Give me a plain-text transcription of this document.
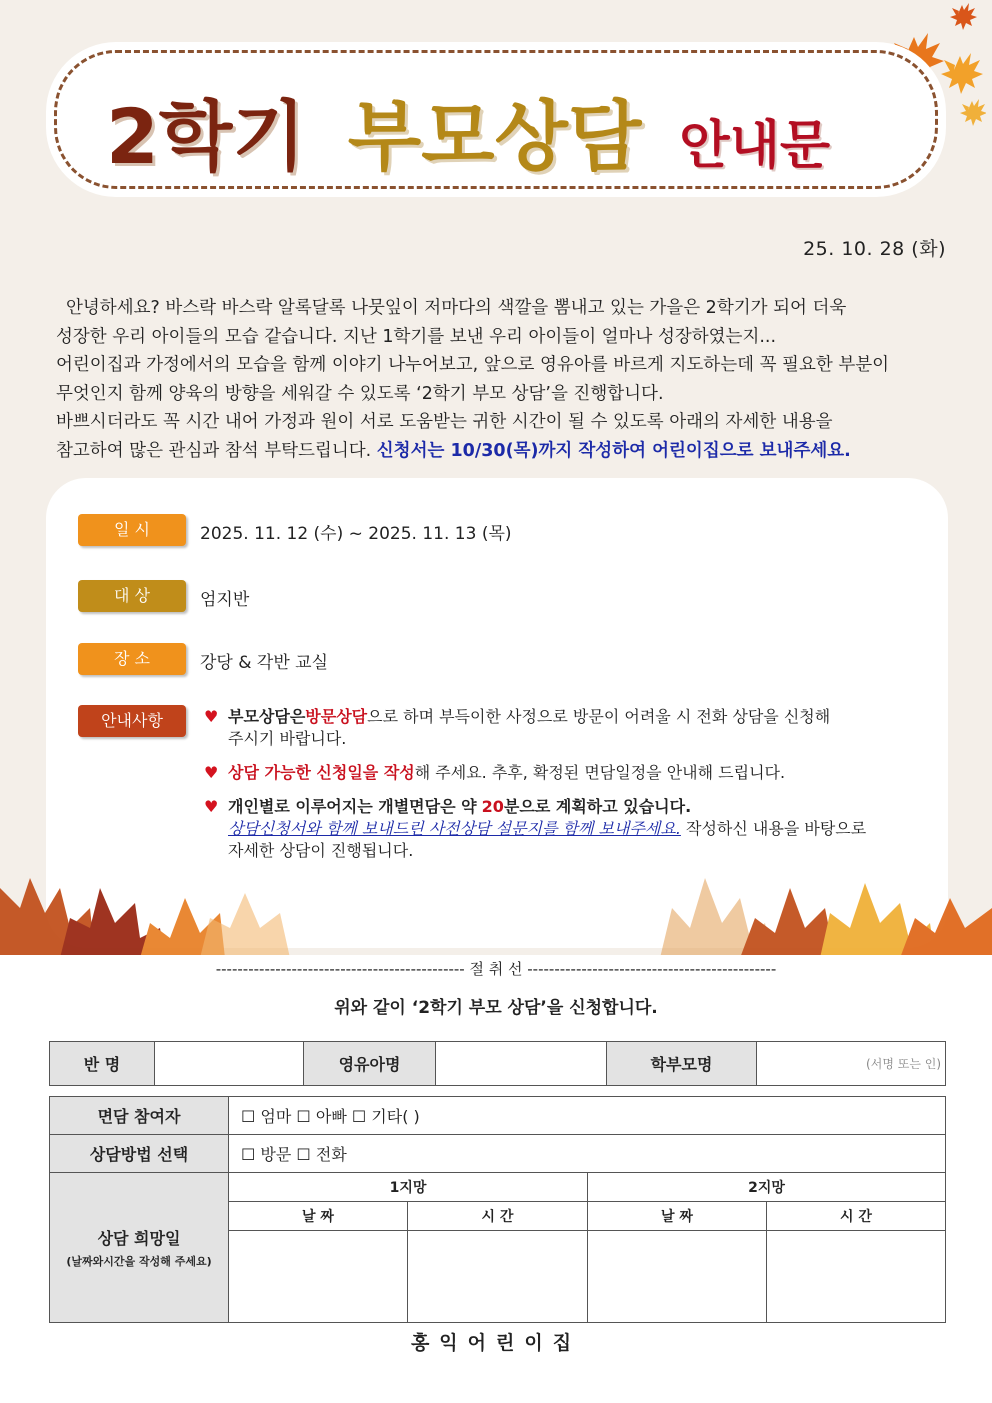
2학기 부모상담 안내문
25. 10. 28 (화)

안녕하세요? 바스락 바스락 알록달록 나뭇잎이 저마다의 색깔을 뽐내고 있는 가을은 2학기가 되어 더욱

성장한 우리 아이들의 모습 같습니다. 지난 1학기를 보낸 우리 아이들이 얼마나 성장하였는지...

어린이집과 가정에서의 모습을 함께 이야기 나누어보고, 앞으로 영유아를 바르게 지도하는데 꼭 필요한 부분이

무엇인지 함께 양육의 방향을 세워갈 수 있도록 ‘2학기 부모 상담’을 진행합니다.

바쁘시더라도 꼭 시간 내어 가정과 원이 서로 도움받는 귀한 시간이 될 수 있도록 아래의 자세한 내용을

참고하여 많은 관심과 참석 부탁드립니다. 신청서는 10/30(목)까지 작성하여 어린이집으로 보내주세요.

일 시	2025. 11. 12 (수) ~ 2025. 11. 13 (목)
대 상	엄지반
장 소	강당 & 각반 교실
안내사항	♥ 부모상담은방문상담으로 하며 부득이한 사정으로 방문이 어려울 시 전화 상담을 신청해
주시기 바랍니다.
♥ 상담 가능한 신청일을 작성해 주세요. 추후, 확정된 면담일정을 안내해 드립니다.
♥ 개인별로 이루어지는 개별면담은 약 20분으로 계획하고 있습니다.
상담신청서와 함께 보내드린 사전상담 설문지를 함께 보내주세요. 작성하신 내용을 바탕으로
자세한 상담이 진행됩니다.
---------------------------------------------- 절 취 선 ----------------------------------------------
위와 같이 ‘2학기 부모 상담’을 신청합니다.
반 명		영유아명		학부모명	(서명 또는 인)
면담 참여자	☐ 엄마 ☐ 아빠 ☐ 기타( )			
상담방법 선택	☐ 방문 ☐ 전화			
상담 희망일
(날짜와시간을 작성해 주세요)	1지망		2지망	
	날 짜	시 간	날 짜	시 간

홍익어린이집
